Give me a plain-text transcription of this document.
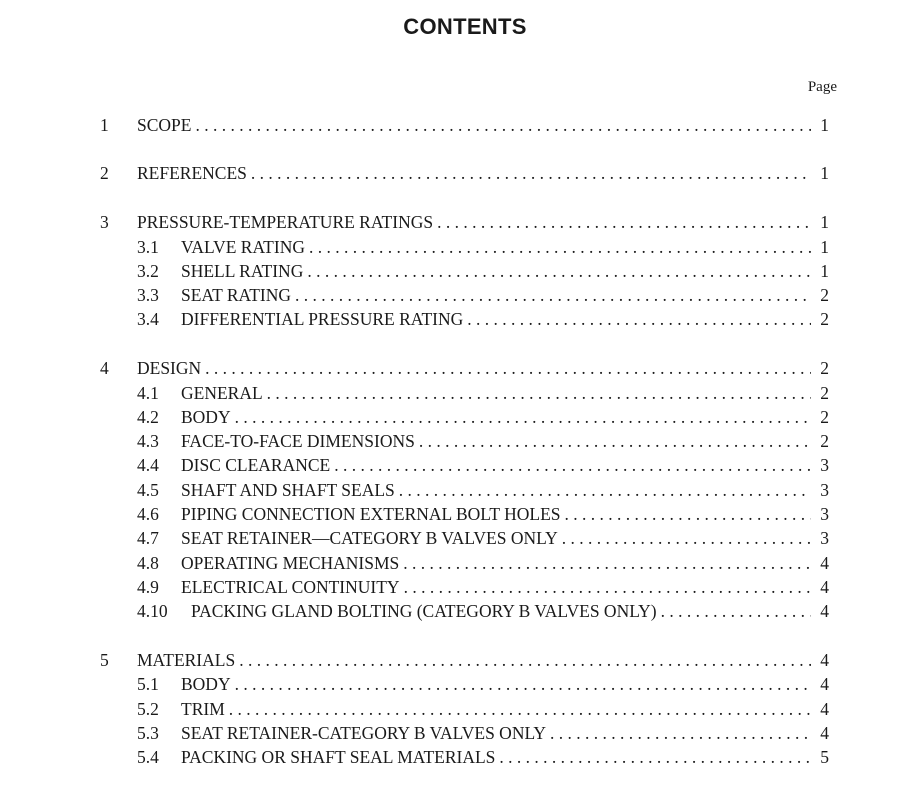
CONTENTS
Page
1 SCOPE . . .	1
2 REFERENCES . . .	1
3 PRESSURE-TEMPERATURE RATINGS . . .	1
3.1 VALVE RATING . . .	1
3.2 SHELL RATING . . .	1
3.3 SEAT RATING . . .	2
3.4 DIFFERENTIAL PRESSURE RATING . . .	2
4 DESIGN . . .	2
4.1 GENERAL . . .	2
4.2 BODY . . .	2
4.3 FACE-TO-FACE DIMENSIONS . . .	2
4.4 DISC CLEARANCE . . .	3
4.5 SHAFT AND SHAFT SEALS . . .	3
4.6 PIPING CONNECTION EXTERNAL BOLT HOLES . . .	3
4.7 SEAT RETAINER—CATEGORY B VALVES ONLY . . .	3
4.8 OPERATING MECHANISMS . . .	4
4.9 ELECTRICAL CONTINUITY . . .	4
4.10 PACKING GLAND BOLTING (CATEGORY B VALVES ONLY) . . .	4
5 MATERIALS . . .	4
5.1 BODY . . .	4
5.2 TRIM . . .	4
5.3 SEAT RETAINER-CATEGORY B VALVES ONLY . . .	4
5.4 PACKING OR SHAFT SEAL MATERIALS . . .	5
